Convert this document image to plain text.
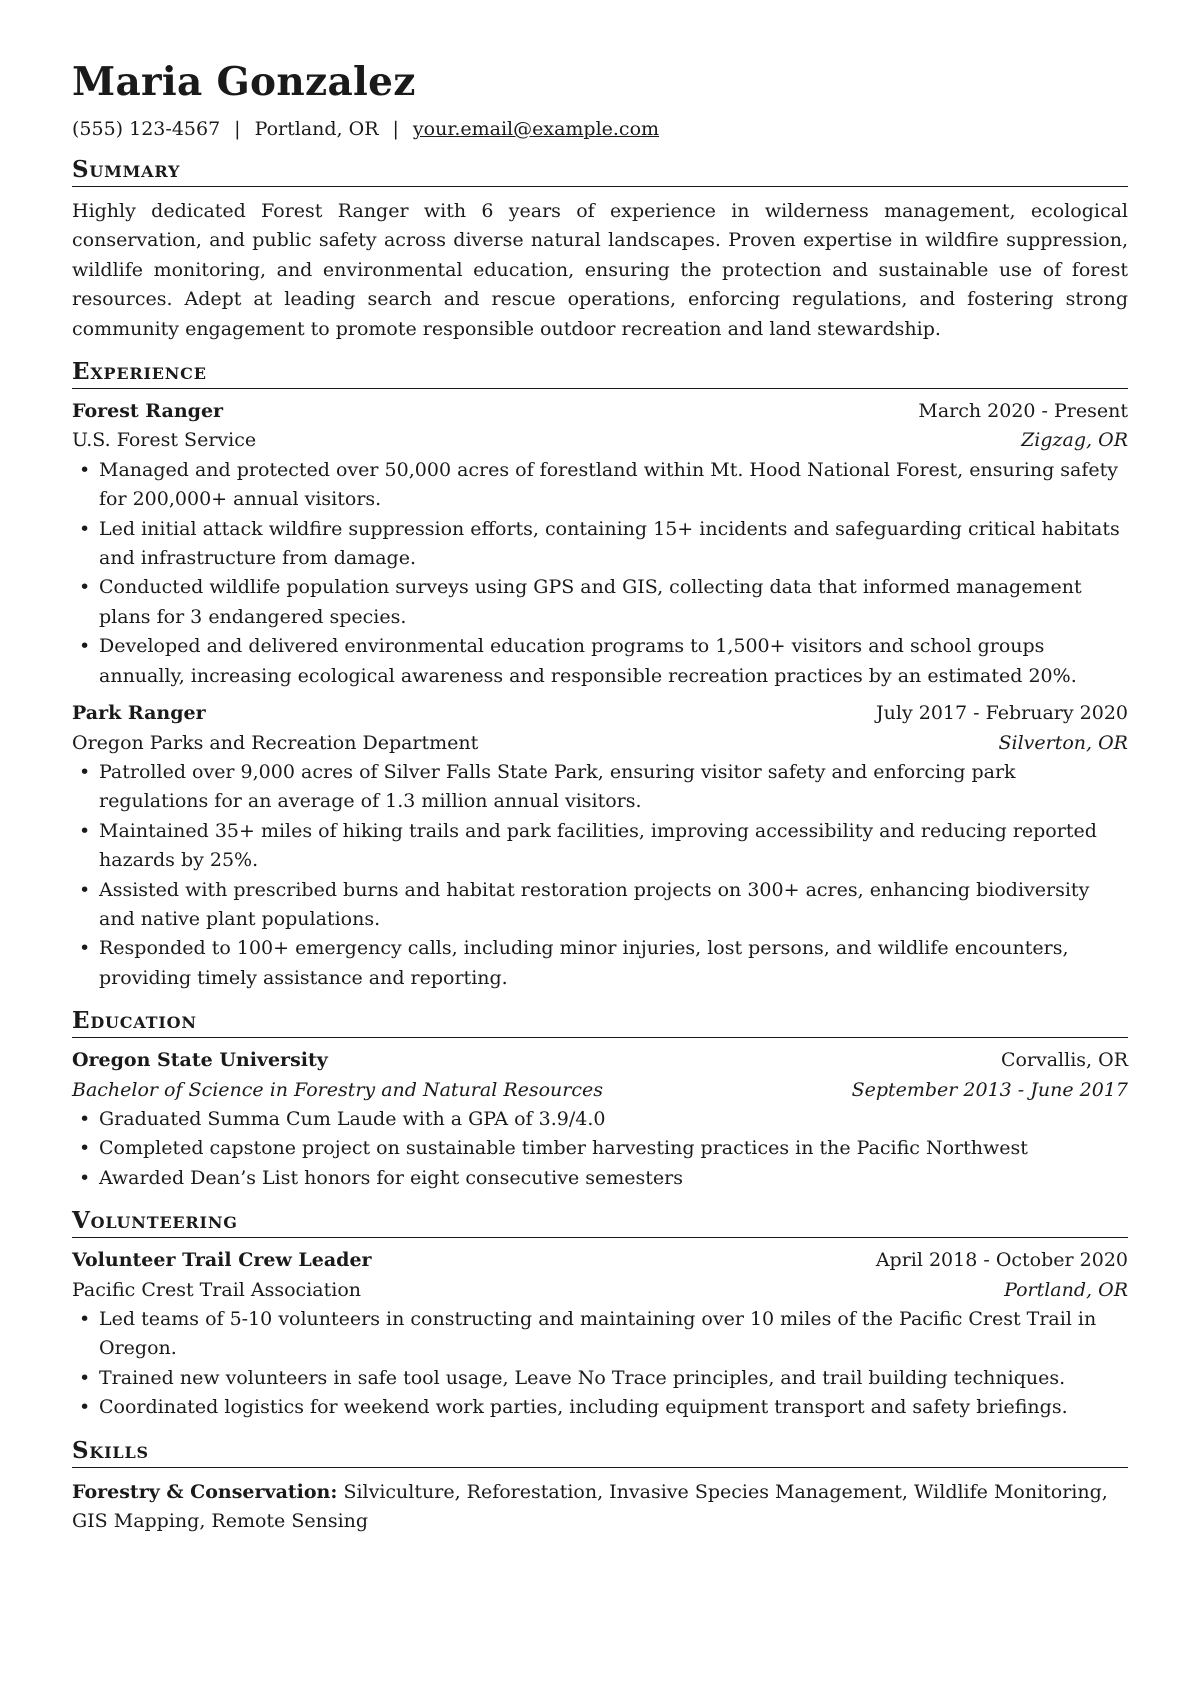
Maria Gonzalez
(555) 123-4567 | Portland, OR | your.email@example.com
Summary
Highly dedicated Forest Ranger with 6 years of experience in wilderness management, ecological conservation, and public safety across diverse natural landscapes. Proven expertise in wildfire suppression, wildlife monitoring, and environmental education, ensuring the protection and sustainable use of forest resources. Adept at leading search and rescue operations, enforcing regulations, and fostering strong community engagement to promote responsible outdoor recreation and land stewardship.
Experience
Forest Ranger	March 2020 - Present
U.S. Forest Service	Zigzag, OR
• Managed and protected over 50,000 acres of forestland within Mt. Hood National Forest, ensuring safety for 200,000+ annual visitors.
• Led initial attack wildfire suppression efforts, containing 15+ incidents and safeguarding critical habitats and infrastructure from damage.
• Conducted wildlife population surveys using GPS and GIS, collecting data that informed management plans for 3 endangered species.
• Developed and delivered environmental education programs to 1,500+ visitors and school groups annually, increasing ecological awareness and responsible recreation practices by an estimated 20%.
Park Ranger	July 2017 - February 2020
Oregon Parks and Recreation Department	Silverton, OR
• Patrolled over 9,000 acres of Silver Falls State Park, ensuring visitor safety and enforcing park regulations for an average of 1.3 million annual visitors.
• Maintained 35+ miles of hiking trails and park facilities, improving accessibility and reducing reported hazards by 25%.
• Assisted with prescribed burns and habitat restoration projects on 300+ acres, enhancing biodiversity and native plant populations.
• Responded to 100+ emergency calls, including minor injuries, lost persons, and wildlife encounters, providing timely assistance and reporting.
Education
Oregon State University	Corvallis, OR
Bachelor of Science in Forestry and Natural Resources	September 2013 - June 2017
• Graduated Summa Cum Laude with a GPA of 3.9/4.0
• Completed capstone project on sustainable timber harvesting practices in the Pacific Northwest
• Awarded Dean’s List honors for eight consecutive semesters
Volunteering
Volunteer Trail Crew Leader	April 2018 - October 2020
Pacific Crest Trail Association	Portland, OR
• Led teams of 5-10 volunteers in constructing and maintaining over 10 miles of the Pacific Crest Trail in Oregon.
• Trained new volunteers in safe tool usage, Leave No Trace principles, and trail building techniques.
• Coordinated logistics for weekend work parties, including equipment transport and safety briefings.
Skills
Forestry & Conservation: Silviculture, Reforestation, Invasive Species Management, Wildlife Monitoring, GIS Mapping, Remote Sensing
